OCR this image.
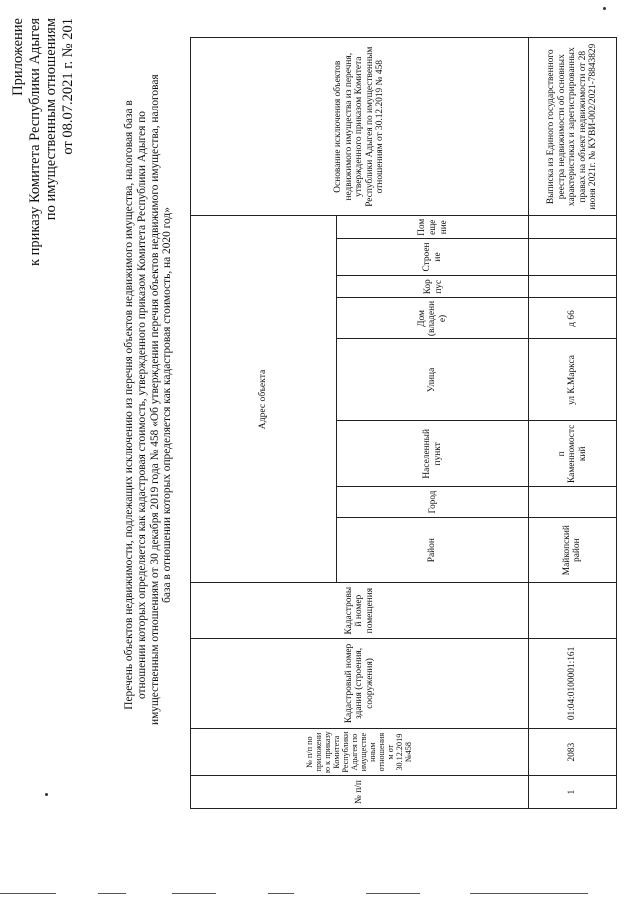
Приложение к приказу Комитета Республики Адыгея по имущественным отношениям от 08.07.2021 г. № 201
Перечень объектов недвижимости, подлежащих исключению из перечня объектов недвижимого имущества, налоговая база в отношении которых определяется как кадастровая стоимость, утвержденного приказом Комитета Республики Адыгея по имущественным отношениям от 30 декабря 2019 года № 458 «Об утверждении перечня объектов недвижимого имущества, налоговая база в отношении которых определяется как кадастровая стоимость, на 2020 год»
№ п/п	№ п/п по приложению к приказу Комитета Республики Адыгея по имущественным отношениям от 30.12.2019 №458	Кадастровый номер здания (строения, сооружения)	Кадастровый номер помещения	Адрес объекта								Основание исключения объектов недвижимого имущества из перечня, утвержденного приказом Комитета Республики Адыгея по имущественным отношениям от 30.12.2019 № 458
				Район	Город	Населенный пункт	Улица	Дом (владение)	Корпус	Строение	Помещение	
1	2083	01:04:0100001:161		Майкопский район		п Каменномостский	ул К.Маркса	д 66				Выписка из Единого государственного реестра недвижимости об основных характеристиках и зарегистрированных правах на объект недвижимости от 28 июня 2021г. № КУВИ-002/2021-78843829
